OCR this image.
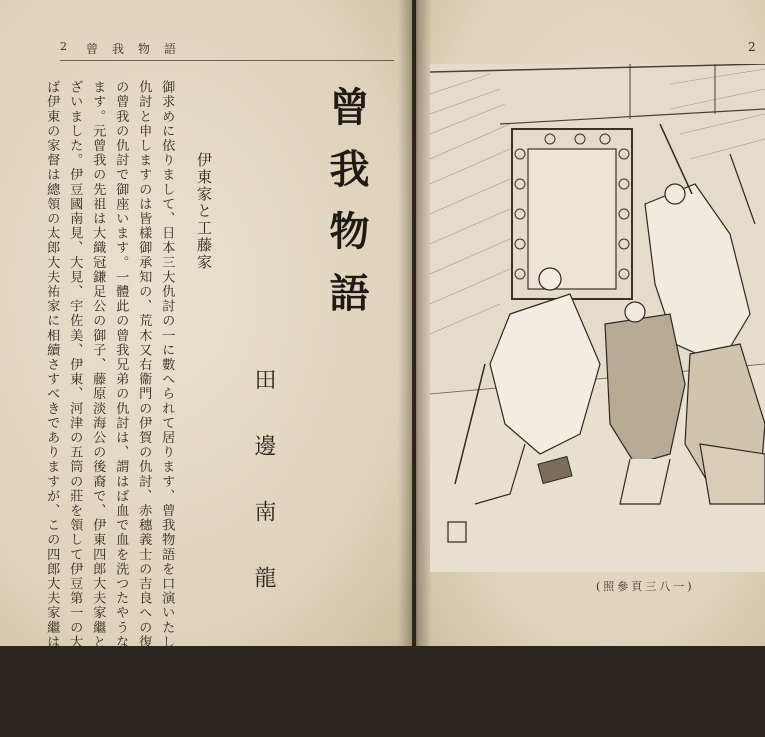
2 曾我物語
曾我物語
田邊南龍
伊東家と工藤家
御求めに依りまして、日本三大仇討の一に數へられて居ります、曾我物語を口演いたします。三大
仇討と申しますのは皆樣御承知の、荒木又右衞門の伊賀の仇討、赤穗義士の吉良への復讐、それにこ
の曾我の仇討で御座います。一體此の曾我兄弟の仇討は、謂はば血で血を洗つたやうなもので御座い
ます。元曾我の先祖は大織冠鎌足公の御子、藤原淡海公の後裔で、伊東四郎大夫家繼といふがご
ざいました。伊豆國南見、大見、宇佐美、伊東、河津の五筒の莊を領して伊豆第一の大家、普通なら
ば伊東の家督は總領の太郎大夫祐家に相續さすべきでありますが、この四郎大夫家繼は、心得違ひに
2
(照參頁三八一)
